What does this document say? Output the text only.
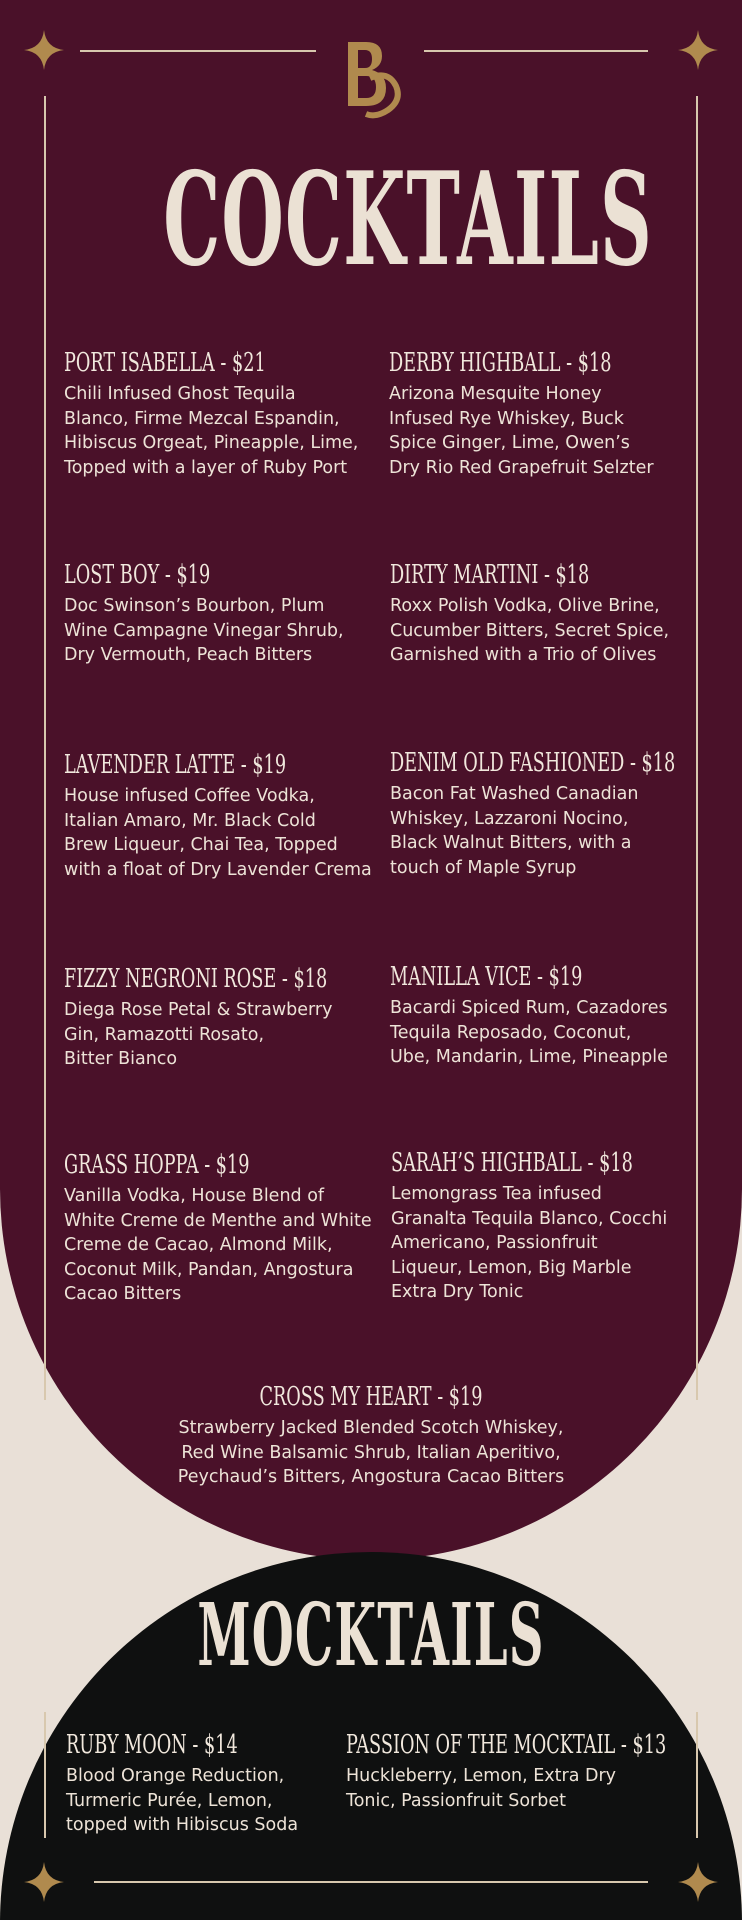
COCKTAILS

PORT ISABELLA - $21

Chili Infused Ghost Tequila
Blanco, Firme Mezcal Espandin,
Hibiscus Orgeat, Pineapple, Lime,
Topped with a layer of Ruby Port

DERBY HIGHBALL - $18

Arizona Mesquite Honey
Infused Rye Whiskey, Buck
Spice Ginger, Lime, Owen’s
Dry Rio Red Grapefruit Selzter

LOST BOY - $19

Doc Swinson’s Bourbon, Plum
Wine Campagne Vinegar Shrub,
Dry Vermouth, Peach Bitters

DIRTY MARTINI - $18

Roxx Polish Vodka, Olive Brine,
Cucumber Bitters, Secret Spice,
Garnished with a Trio of Olives

LAVENDER LATTE - $19

House infused Coffee Vodka,
Italian Amaro, Mr. Black Cold
Brew Liqueur, Chai Tea, Topped
with a float of Dry Lavender Crema

DENIM OLD FASHIONED - $18

Bacon Fat Washed Canadian
Whiskey, Lazzaroni Nocino,
Black Walnut Bitters, with a
touch of Maple Syrup

FIZZY NEGRONI ROSE - $18

Diega Rose Petal & Strawberry
Gin, Ramazotti Rosato,
Bitter Bianco

MANILLA VICE - $19

Bacardi Spiced Rum, Cazadores
Tequila Reposado, Coconut,
Ube, Mandarin, Lime, Pineapple

GRASS HOPPA - $19

Vanilla Vodka, House Blend of
White Creme de Menthe and White
Creme de Cacao, Almond Milk,
Coconut Milk, Pandan, Angostura
Cacao Bitters

SARAH’S HIGHBALL - $18

Lemongrass Tea infused
Granalta Tequila Blanco, Cocchi
Americano, Passionfruit
Liqueur, Lemon, Big Marble
Extra Dry Tonic

CROSS MY HEART - $19

Strawberry Jacked Blended Scotch Whiskey,
Red Wine Balsamic Shrub, Italian Aperitivo,
Peychaud’s Bitters, Angostura Cacao Bitters

MOCKTAILS

RUBY MOON - $14

Blood Orange Reduction,
Turmeric Purée, Lemon,
topped with Hibiscus Soda

PASSION OF THE MOCKTAIL - $13

Huckleberry, Lemon, Extra Dry
Tonic, Passionfruit Sorbet
